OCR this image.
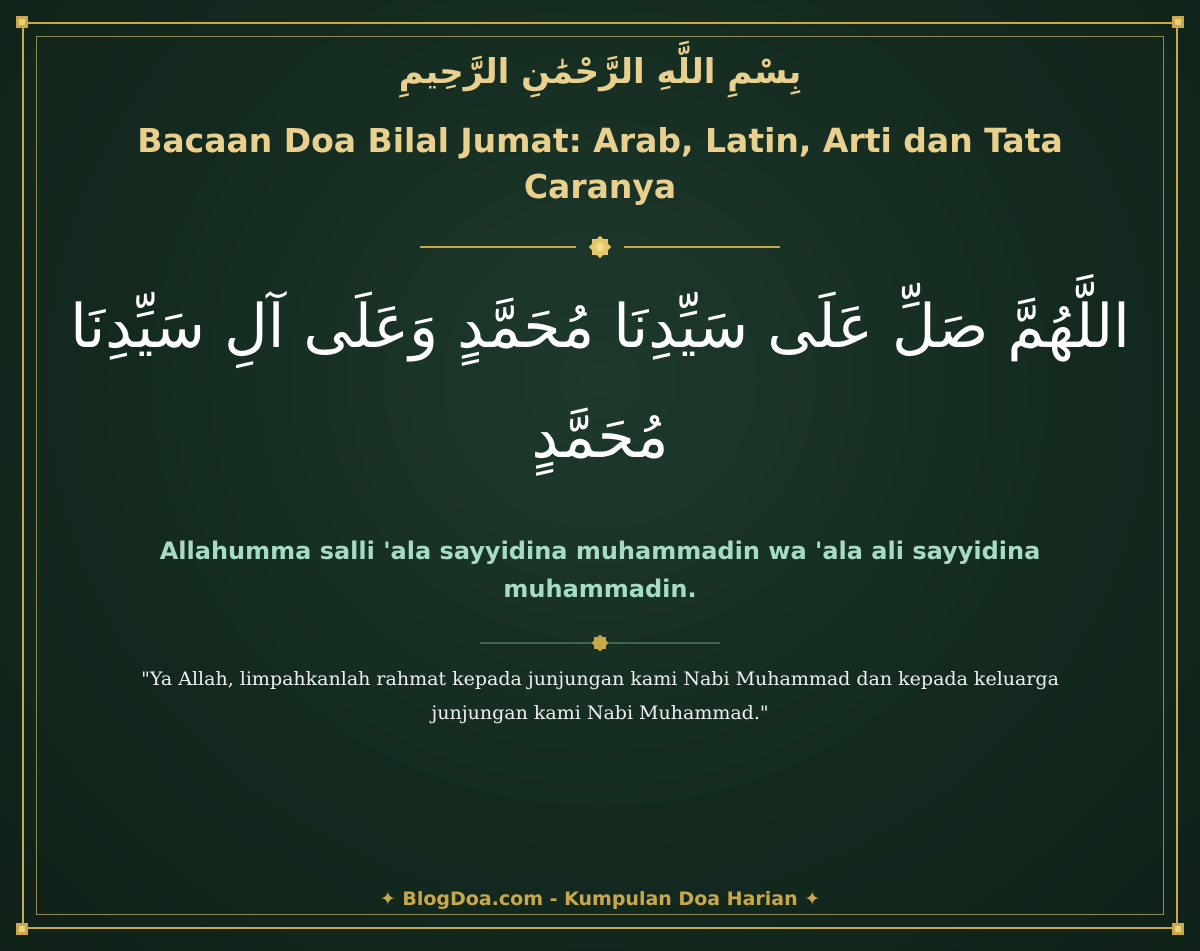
بِسْمِ اللَّهِ الرَّحْمَٰنِ الرَّحِيمِ
Bacaan Doa Bilal Jumat: Arab, Latin, Arti dan Tata Caranya
اللَّهُمَّ صَلِّ عَلَى سَيِّدِنَا مُحَمَّدٍ وَعَلَى آلِ سَيِّدِنَا مُحَمَّدٍ
Allahumma salli 'ala sayyidina muhammadin wa 'ala ali sayyidina muhammadin.
"Ya Allah, limpahkanlah rahmat kepada junjungan kami Nabi Muhammad dan kepada keluarga junjungan kami Nabi Muhammad."
✦ BlogDoa.com - Kumpulan Doa Harian ✦
